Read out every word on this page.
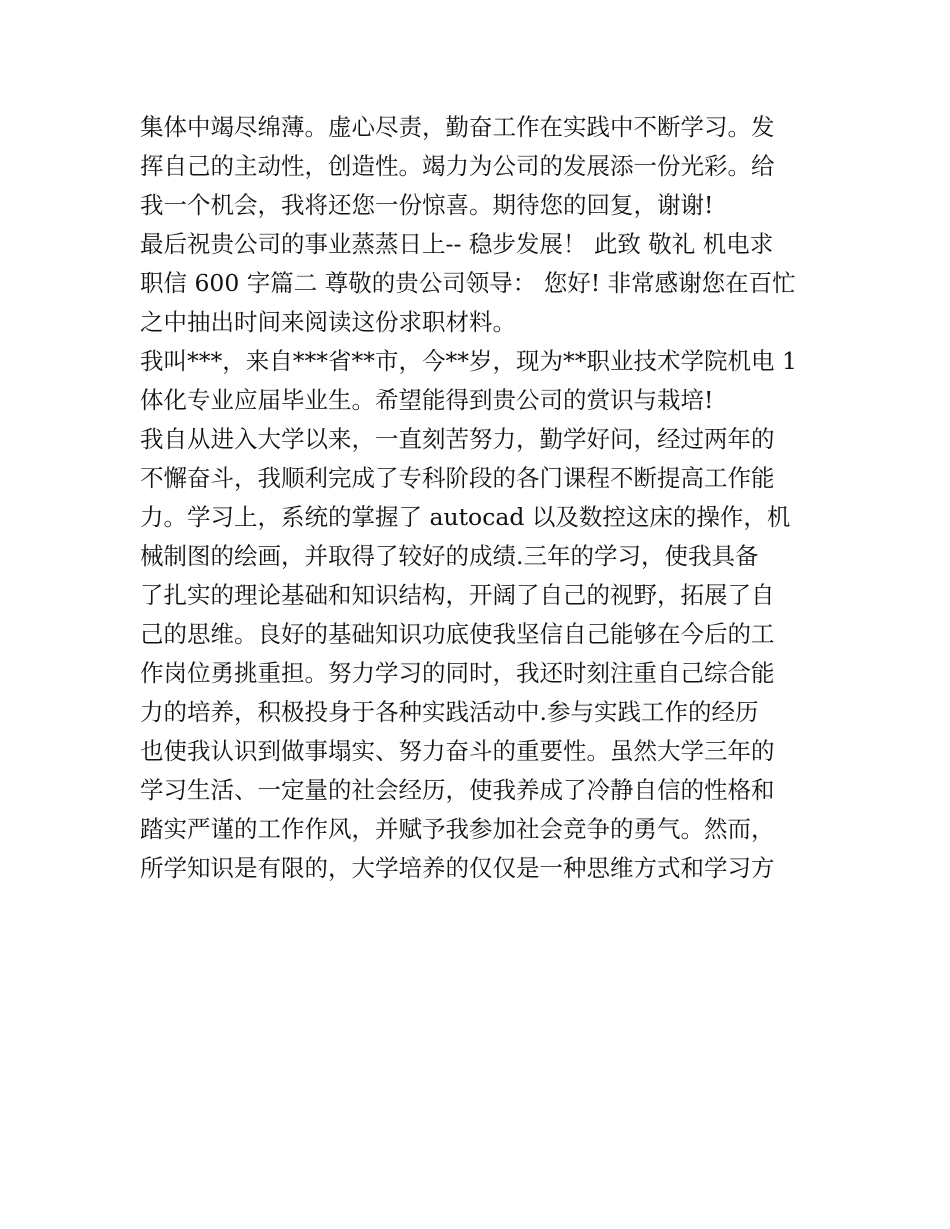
集体中竭尽绵薄。虚心尽责，勤奋工作在实践中不断学习。发
挥自己的主动性，创造性。竭力为公司的发展添一份光彩。给
我一个机会，我将还您一份惊喜。期待您的回复，谢谢!
最后祝贵公司的事业蒸蒸日上-- 稳步发展！ 此致 敬礼 机电求
职信 600 字篇二 尊敬的贵公司领导： 您好! 非常感谢您在百忙
之中抽出时间来阅读这份求职材料。
我叫***，来自***省**市，今**岁，现为**职业技术学院机电 1
体化专业应届毕业生。希望能得到贵公司的赏识与栽培!
我自从进入大学以来，一直刻苦努力，勤学好问，经过两年的
不懈奋斗，我顺利完成了专科阶段的各门课程不断提高工作能
力。学习上，系统的掌握了 autocad 以及数控这床的操作，机
械制图的绘画，并取得了较好的成绩.三年的学习，使我具备
了扎实的理论基础和知识结构，开阔了自己的视野，拓展了自
己的思维。良好的基础知识功底使我坚信自己能够在今后的工
作岗位勇挑重担。努力学习的同时，我还时刻注重自己综合能
力的培养，积极投身于各种实践活动中.参与实践工作的经历
也使我认识到做事塌实、努力奋斗的重要性。虽然大学三年的
学习生活、一定量的社会经历，使我养成了冷静自信的性格和
踏实严谨的工作作风，并赋予我参加社会竞争的勇气。然而，
所学知识是有限的，大学培养的仅仅是一种思维方式和学习方
